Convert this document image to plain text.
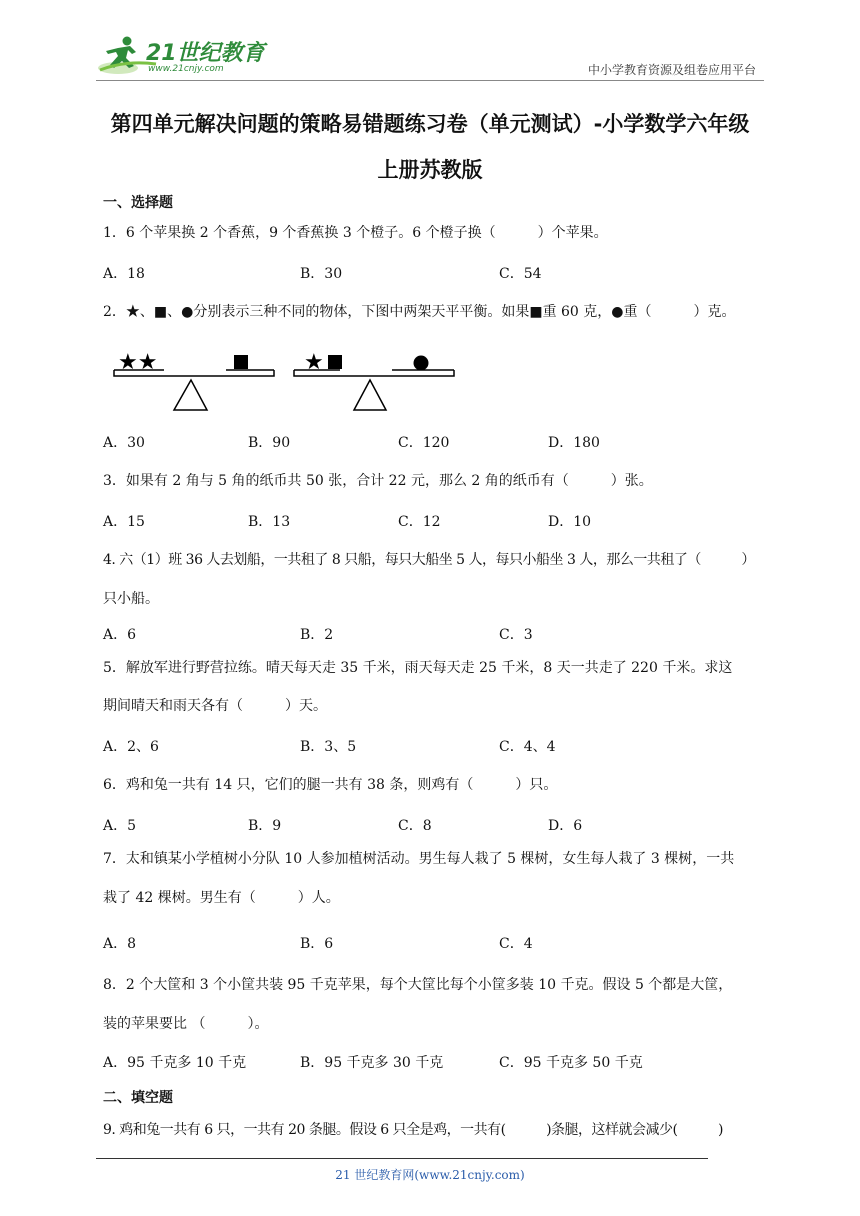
21世纪教育
www.21cnjy.com	中小学教育资源及组卷应用平台
第四单元解决问题的策略易错题练习卷（单元测试）-小学数学六年级
上册苏教版
一、选择题
1．6 个苹果换 2 个香蕉，9 个香蕉换 3 个橙子。6 个橙子换（　　　）个苹果。
A．18	B．30	C．54
2．★、■、●分别表示三种不同的物体，下图中两架天平平衡。如果■重 60 克，●重（　　　）克。
★★	★
A．30	B．90	C．120	D．180
3．如果有 2 角与 5 角的纸币共 50 张，合计 22 元，那么 2 角的纸币有（　　　）张。
A．15	B．13	C．12	D．10
4. 六（1）班 36 人去划船，一共租了 8 只船，每只大船坐 5 人，每只小船坐 3 人，那么一共租了（　　　）
只小船。
A．6	B．2	C．3
5．解放军进行野营拉练。晴天每天走 35 千米，雨天每天走 25 千米，8 天一共走了 220 千米。求这
期间晴天和雨天各有（　　　）天。
A．2、6	B．3、5	C．4、4
6．鸡和兔一共有 14 只，它们的腿一共有 38 条，则鸡有（　　　）只。
A．5	B．9	C．8	D．6
7．太和镇某小学植树小分队 10 人参加植树活动。男生每人栽了 5 棵树，女生每人栽了 3 棵树，一共
栽了 42 棵树。男生有（　　　）人。
A．8	B．6	C．4
8．2 个大筐和 3 个小筐共装 95 千克苹果，每个大筐比每个小筐多装 10 千克。假设 5 个都是大筐，
装的苹果要比 （　　　）。
A．95 千克多 10 千克	B．95 千克多 30 千克	C．95 千克多 50 千克
二、填空题
9. 鸡和兔一共有 6 只，一共有 20 条腿。假设 6 只全是鸡，一共有(　　　)条腿，这样就会减少(　　　)
21 世纪教育网(www.21cnjy.com)
